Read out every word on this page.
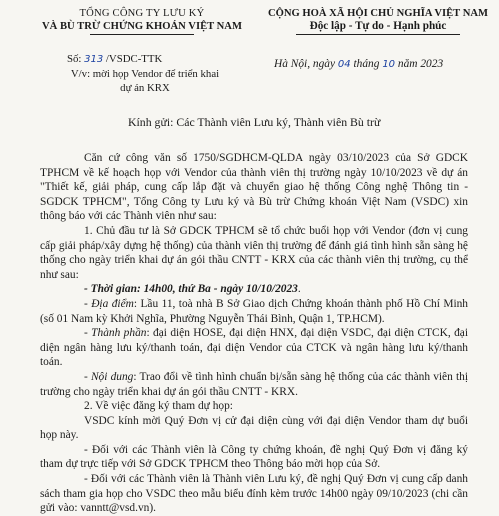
TỔNG CÔNG TY LƯU KÝ
VÀ BÙ TRỪ CHỨNG KHOÁN VIỆT NAM
CỘNG HOÀ XÃ HỘI CHỦ NGHĨA VIỆT NAM
Độc lập - Tự do - Hạnh phúc
Số: 313 /VSDC-TTK
V/v: mời họp Vendor để triển khai
dự án KRX
Hà Nội, ngày 04 tháng 10 năm 2023
Kính gửi: Các Thành viên Lưu ký, Thành viên Bù trừ

Căn cứ công văn số 1750/SGDHCM-QLDA ngày 03/10/2023 của Sở GDCK TPHCM về kế hoạch họp với Vendor của thành viên thị trường ngày 10/10/2023 về dự án "Thiết kế, giải pháp, cung cấp lắp đặt và chuyển giao hệ thống Công nghệ Thông tin - SGDCK TPHCM", Tổng Công ty Lưu ký và Bù trừ Chứng khoán Việt Nam (VSDC) xin thông báo với các Thành viên như sau:

1. Chủ đầu tư là Sở GDCK TPHCM sẽ tổ chức buổi họp với Vendor (đơn vị cung cấp giải pháp/xây dựng hệ thống) của thành viên thị trường để đánh giá tình hình sẵn sàng hệ thống cho ngày triển khai dự án gói thầu CNTT - KRX của các thành viên thị trường, cụ thể như sau:

- Thời gian: 14h00, thứ Ba - ngày 10/10/2023.

- Địa điểm: Lầu 11, toà nhà B Sở Giao dịch Chứng khoán thành phố Hồ Chí Minh (số 01 Nam kỳ Khởi Nghĩa, Phường Nguyễn Thái Bình, Quận 1, TP.HCM).

- Thành phần: đại diện HOSE, đại diện HNX, đại diện VSDC, đại diện CTCK, đại diện ngân hàng lưu ký/thanh toán, đại diện Vendor của CTCK và ngân hàng lưu ký/thanh toán.

- Nội dung: Trao đổi về tình hình chuẩn bị/sẵn sàng hệ thống của các thành viên thị trường cho ngày triển khai dự án gói thầu CNTT - KRX.

2. Về việc đăng ký tham dự họp:

VSDC kính mời Quý Đơn vị cử đại diện cùng với đại diện Vendor tham dự buổi họp này.

- Đối với các Thành viên là Công ty chứng khoán, đề nghị Quý Đơn vị đăng ký tham dự trực tiếp với Sở GDCK TPHCM theo Thông báo mời họp của Sở.

- Đối với các Thành viên là Thành viên Lưu ký, đề nghị Quý Đơn vị cung cấp danh sách tham gia họp cho VSDC theo mẫu biểu đính kèm trước 14h00 ngày 09/10/2023 (chi cần gửi vào: vanntt@vsd.vn).
